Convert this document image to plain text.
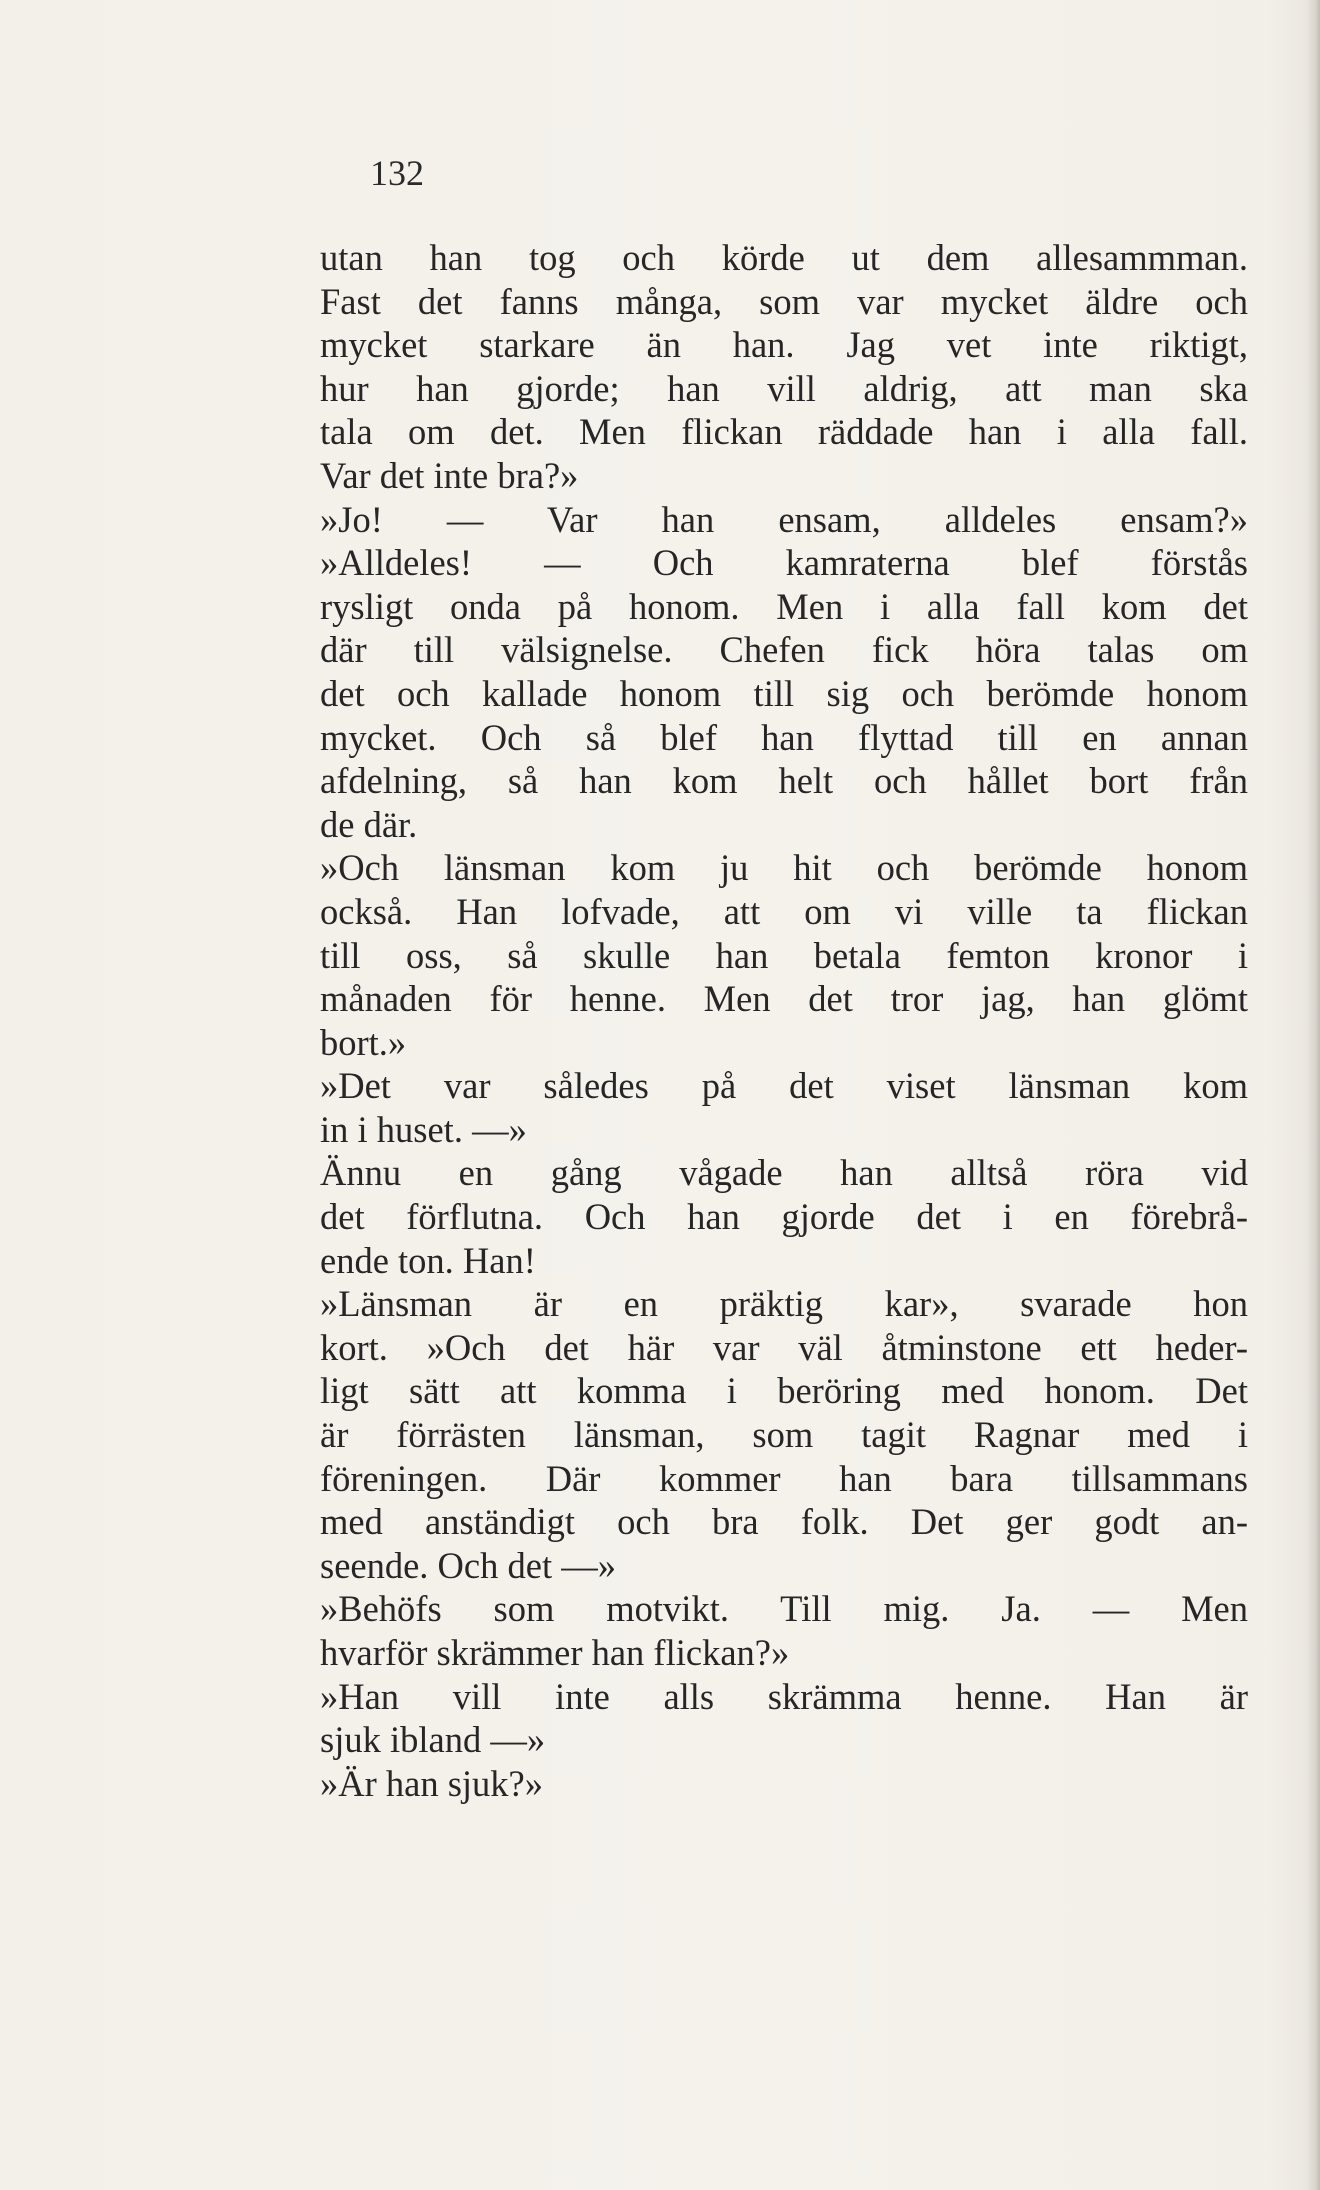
132
utan han tog och körde ut dem allesammman.
Fast det fanns många, som var mycket äldre och
mycket starkare än han. Jag vet inte riktigt,
hur han gjorde; han vill aldrig, att man ska
tala om det. Men flickan räddade han i alla fall.
Var det inte bra?»
»Jo! — Var han ensam, alldeles ensam?»
»Alldeles! — Och kamraterna blef förstås
rysligt onda på honom. Men i alla fall kom det
där till välsignelse. Chefen fick höra talas om
det och kallade honom till sig och berömde honom
mycket. Och så blef han flyttad till en annan
afdelning, så han kom helt och hållet bort från
de där.
»Och länsman kom ju hit och berömde honom
också. Han lofvade, att om vi ville ta flickan
till oss, så skulle han betala femton kronor i
månaden för henne. Men det tror jag, han glömt
bort.»
»Det var således på det viset länsman kom
in i huset. —»
Ännu en gång vågade han alltså röra vid
det förflutna. Och han gjorde det i en förebrå-
ende ton. Han!
»Länsman är en präktig kar», svarade hon
kort. »Och det här var väl åtminstone ett heder-
ligt sätt att komma i beröring med honom. Det
är förrästen länsman, som tagit Ragnar med i
föreningen. Där kommer han bara tillsammans
med anständigt och bra folk. Det ger godt an-
seende. Och det —»
»Behöfs som motvikt. Till mig. Ja. — Men
hvarför skrämmer han flickan?»
»Han vill inte alls skrämma henne. Han är
sjuk ibland —»
»Är han sjuk?»
